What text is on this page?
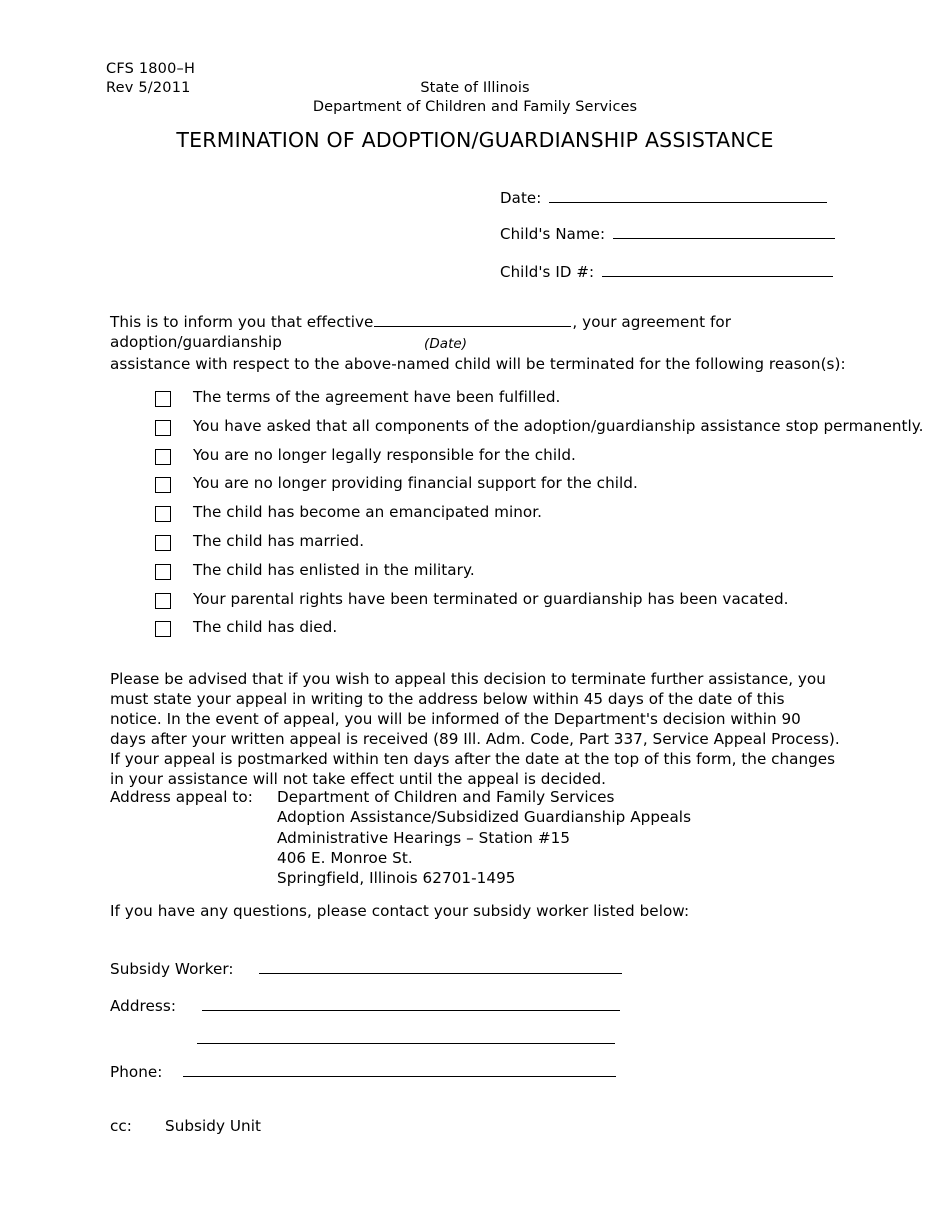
CFS 1800–H
Rev 5/2011	State of Illinois
Department of Children and Family Services
TERMINATION OF ADOPTION/GUARDIANSHIP ASSISTANCE
Date:
Child's Name:
Child's ID #:
This is to inform you that effective	, your agreement for adoption/guardianship	(Date)
assistance with respect to the above-named child will be terminated for the following reason(s):
The terms of the agreement have been fulfilled.
You have asked that all components of the adoption/guardianship assistance stop permanently.
You are no longer legally responsible for the child.
You are no longer providing financial support for the child.
The child has become an emancipated minor.
The child has married.
The child has enlisted in the military.
Your parental rights have been terminated or guardianship has been vacated.
The child has died.
Please be advised that if you wish to appeal this decision to terminate further assistance, you must state your appeal in writing to the address below within 45 days of the date of this notice. In the event of appeal, you will be informed of the Department's decision within 90 days after your written appeal is received (89 Ill. Adm. Code, Part 337, Service Appeal Process). If your appeal is postmarked within ten days after the date at the top of this form, the changes in your assistance will not take effect until the appeal is decided.
Address appeal to: Department of Children and Family Services
Adoption Assistance/Subsidized Guardianship Appeals
Administrative Hearings – Station #15
406 E. Monroe St.
Springfield, Illinois 62701-1495
If you have any questions, please contact your subsidy worker listed below:
Subsidy Worker:
Address:
Phone:
cc: Subsidy Unit
